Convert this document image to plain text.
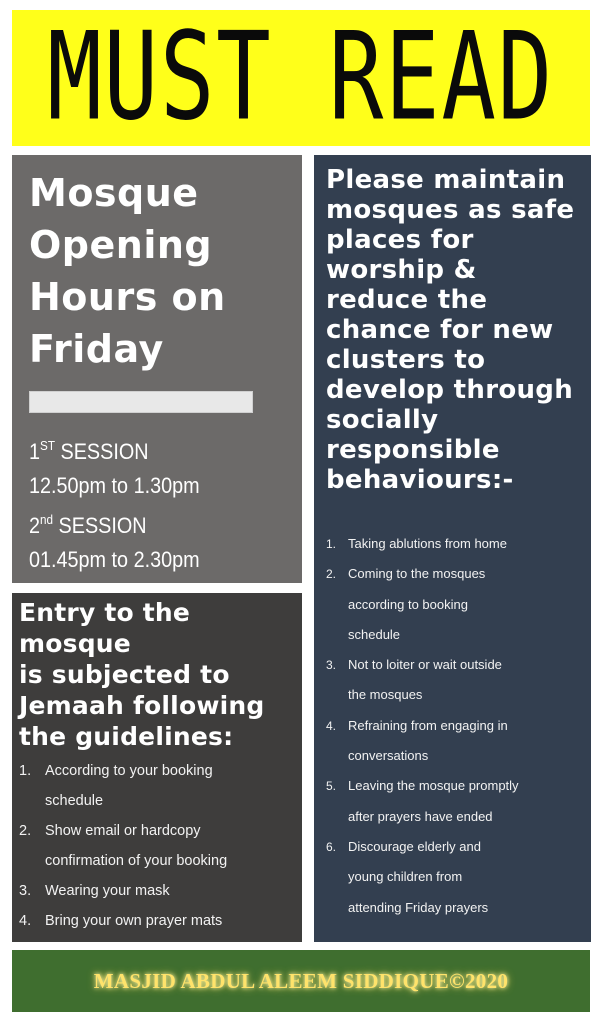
MUST READ
Mosque Opening Hours on Friday
1ST SESSION
12.50pm to 1.30pm
2nd SESSION
01.45pm to 2.30pm
Entry to the
mosque
is subjected to
Jemaah following
the guidelines:
1. According to your booking
schedule
2. Show email or hardcopy
confirmation of your booking
3. Wearing your mask
4. Bring your own prayer mats
Please maintain
mosques as safe
places for
worship &
reduce the
chance for new
clusters to
develop through
socially
responsible
behaviours:-
1. Taking ablutions from home
2. Coming to the mosques
according to booking
schedule
3. Not to loiter or wait outside
the mosques
4. Refraining from engaging in
conversations
5. Leaving the mosque promptly
after prayers have ended
6. Discourage elderly and
young children from
attending Friday prayers
MASJID ABDUL ALEEM SIDDIQUE©2020
